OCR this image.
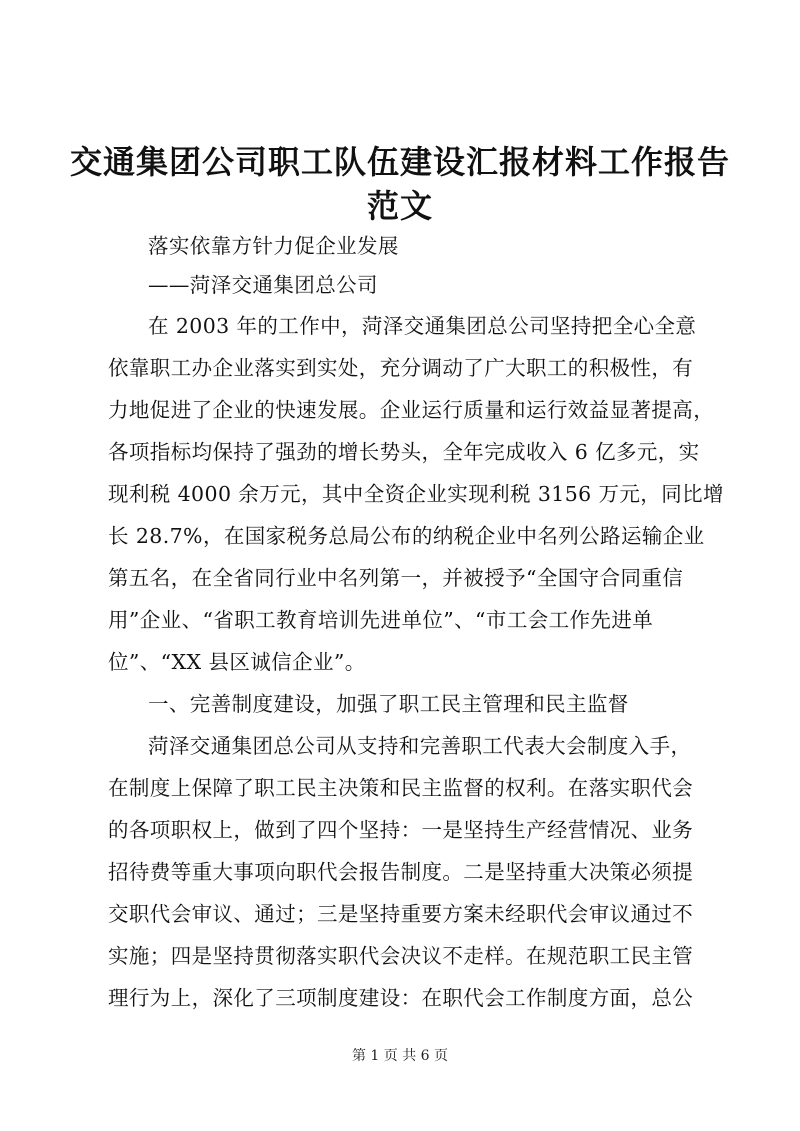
交通集团公司职工队伍建设汇报材料工作报告
范文
落实依靠方针力促企业发展
——菏泽交通集团总公司
在 2003 年的工作中，菏泽交通集团总公司坚持把全心全意
依靠职工办企业落实到实处，充分调动了广大职工的积极性，有
力地促进了企业的快速发展。企业运行质量和运行效益显著提高，
各项指标均保持了强劲的增长势头，全年完成收入 6 亿多元，实
现利税 4000 余万元，其中全资企业实现利税 3156 万元，同比增
长 28.7%，在国家税务总局公布的纳税企业中名列公路运输企业
第五名，在全省同行业中名列第一，并被授予“全国守合同重信
用”企业、“省职工教育培训先进单位”、“市工会工作先进单
位”、“XX 县区诚信企业”。
一、完善制度建设，加强了职工民主管理和民主监督
菏泽交通集团总公司从支持和完善职工代表大会制度入手，
在制度上保障了职工民主决策和民主监督的权利。在落实职代会
的各项职权上，做到了四个坚持：一是坚持生产经营情况、业务
招待费等重大事项向职代会报告制度。二是坚持重大决策必须提
交职代会审议、通过；三是坚持重要方案未经职代会审议通过不
实施；四是坚持贯彻落实职代会决议不走样。在规范职工民主管
理行为上，深化了三项制度建设：在职代会工作制度方面，总公
第 1 页 共 6 页
